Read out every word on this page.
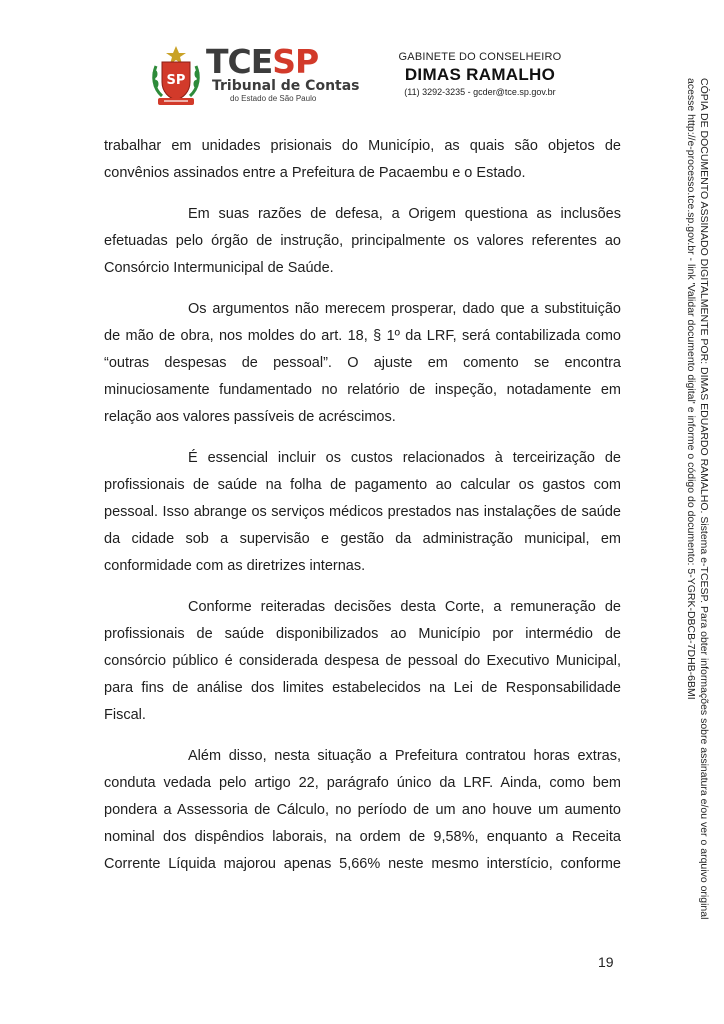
SP TCESP
Tribunal de Contas
do Estado de São Paulo
GABINETE DO CONSELHEIRO
DIMAS RAMALHO
(11) 3292-3235 - gcder@tce.sp.gov.br

trabalhar em unidades prisionais do Município, as quais são objetos de convênios assinados entre a Prefeitura de Pacaembu e o Estado.

Em suas razões de defesa, a Origem questiona as inclusões efetuadas pelo órgão de instrução, principalmente os valores referentes ao Consórcio Intermunicipal de Saúde.

Os argumentos não merecem prosperar, dado que a substituição de mão de obra, nos moldes do art. 18, § 1º da LRF, será contabilizada como “outras despesas de pessoal”. O ajuste em comento se encontra minuciosamente fundamentado no relatório de inspeção, notadamente em relação aos valores passíveis de acréscimos.

É essencial incluir os custos relacionados à terceirização de profissionais de saúde na folha de pagamento ao calcular os gastos com pessoal. Isso abrange os serviços médicos prestados nas instalações de saúde da cidade sob a supervisão e gestão da administração municipal, em conformidade com as diretrizes internas.

Conforme reiteradas decisões desta Corte, a remuneração de profissionais de saúde disponibilizados ao Município por intermédio de consórcio público é considerada despesa de pessoal do Executivo Municipal, para fins de análise dos limites estabelecidos na Lei de Responsabilidade Fiscal.

Além disso, nesta situação a Prefeitura contratou horas extras, conduta vedada pelo artigo 22, parágrafo único da LRF. Ainda, como bem pondera a Assessoria de Cálculo, no período de um ano houve um aumento nominal dos dispêndios laborais, na ordem de 9,58%, enquanto a Receita Corrente Líquida majorou apenas 5,66% neste mesmo interstício, conforme	CÓPIA DE DOCUMENTO ASSINADO DIGITALMENTE POR: DIMAS EDUARDO RAMALHO. Sistema e-TCESP. Para obter informações sobre assinatura e/ou ver o arquivo original
acesse http://e-processo.tce.sp.gov.br - link 'Validar documento digital' e informe o código do documento: 5-YGRK-DBCB-7DHB-6BMI
19
